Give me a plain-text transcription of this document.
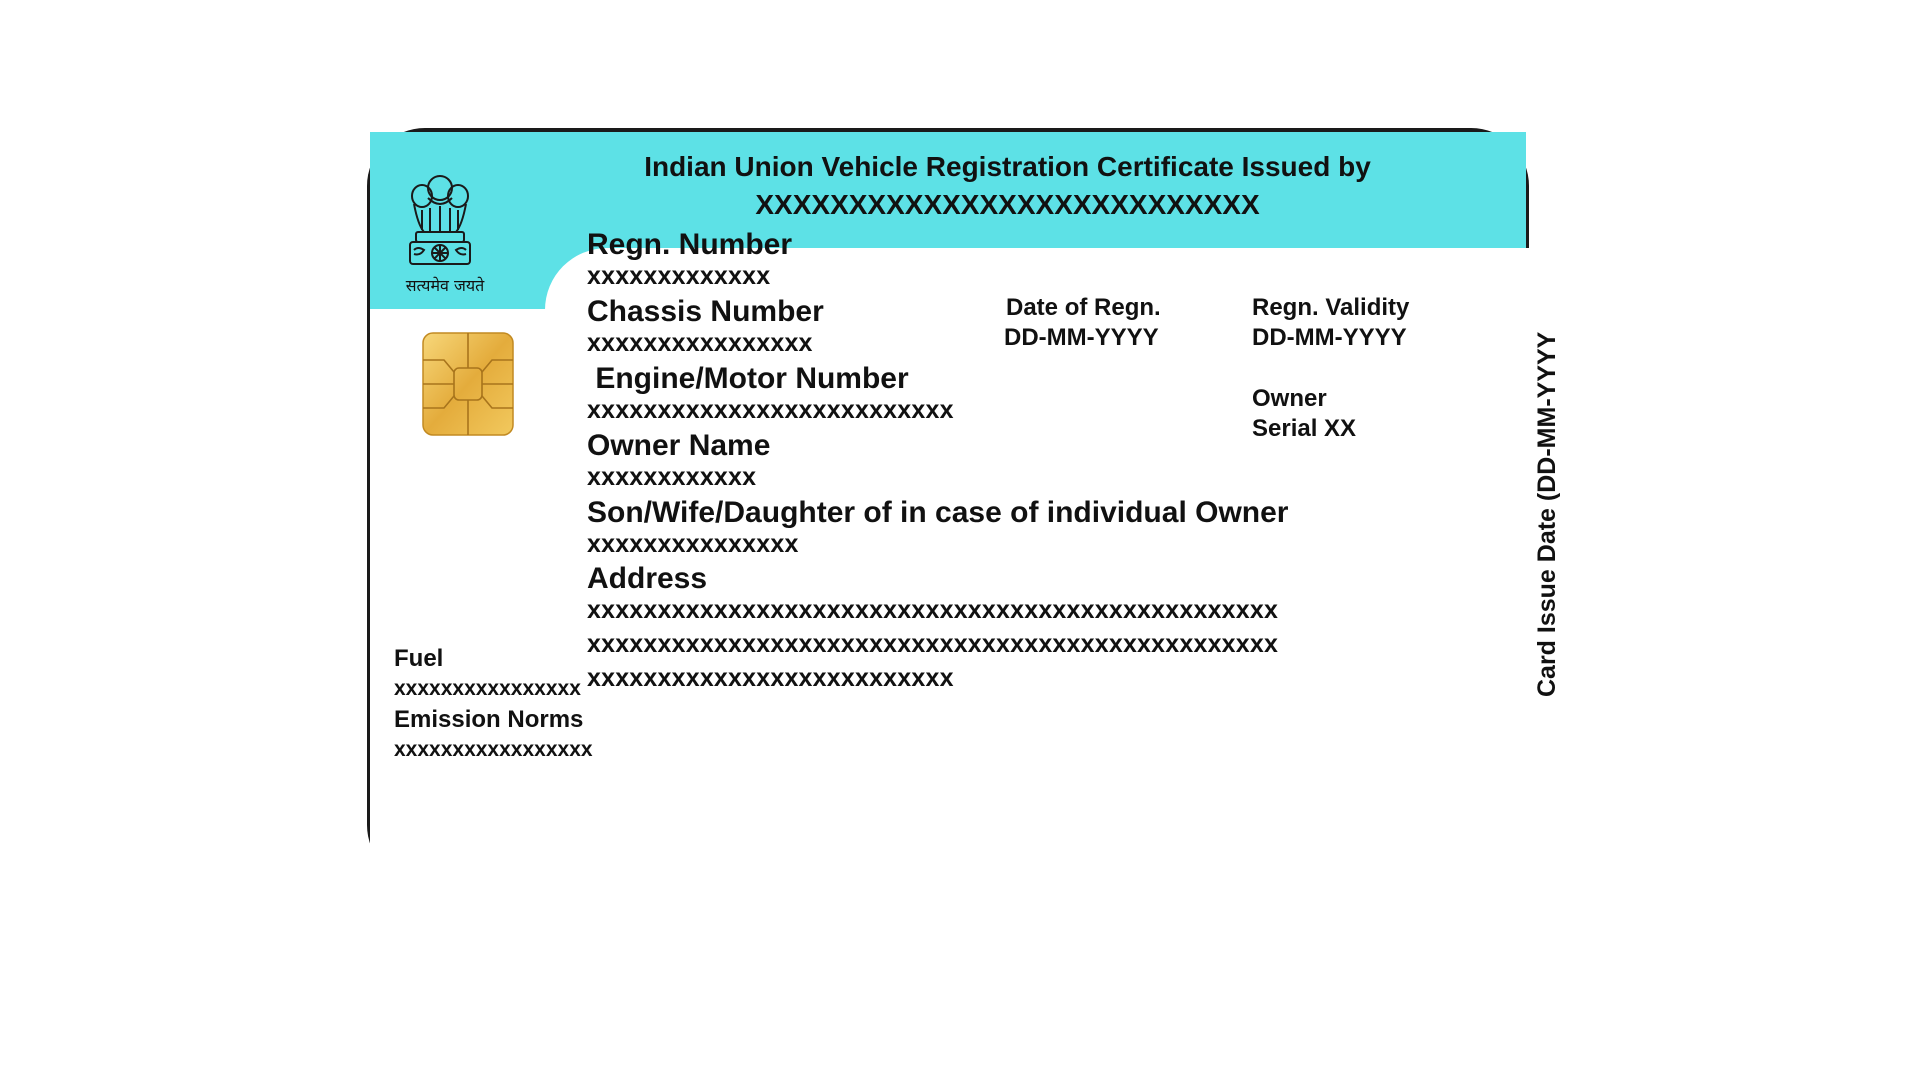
Indian Union Vehicle Registration Certificate Issued by
XXXXXXXXXXXXXXXXXXXXXXXXXXX
सत्यमेव जयते
Regn. Number
xxxxxxxxxxxxx
Chassis Number
xxxxxxxxxxxxxxxx
Engine/Motor Number
xxxxxxxxxxxxxxxxxxxxxxxxxx
Owner Name
xxxxxxxxxxxx
Son/Wife/Daughter of in case of individual Owner
xxxxxxxxxxxxxxx
Address
xxxxxxxxxxxxxxxxxxxxxxxxxxxxxxxxxxxxxxxxxxxxxxxxx
xxxxxxxxxxxxxxxxxxxxxxxxxxxxxxxxxxxxxxxxxxxxxxxxx
xxxxxxxxxxxxxxxxxxxxxxxxxx
Date of Regn.
DD-MM-YYYY
Regn. Validity
DD-MM-YYYY
Owner
Serial XX
Fuel
xxxxxxxxxxxxxxxx
Emission Norms
xxxxxxxxxxxxxxxxx
Card Issue Date (DD-MM-YYYY
